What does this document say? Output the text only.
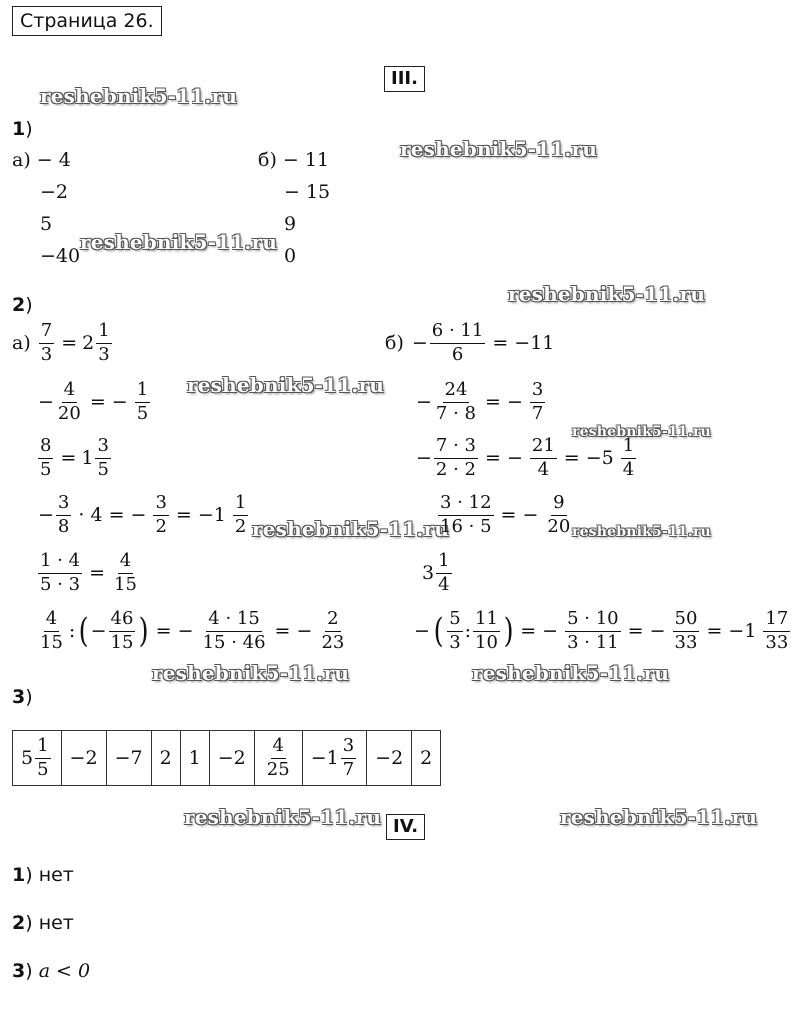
Страница 26.
III.
reshebnik5-11.ru
reshebnik5-11.ru
reshebnik5-11.ru
reshebnik5-11.ru
reshebnik5-11.ru
reshebnik5-11.ru
reshebnik5-11.ru	reshebnik5-11.ru
reshebnik5-11.ru	reshebnik5-11.ru
reshebnik5-11.ru	reshebnik5-11.ru
1)
а) − 4
−2
5
−40
б) − 11
− 15
9
0
2)
$а) \frac{7}{3} = 2 \frac{1}{3}$
− $\frac{4}{20}$ = − $\frac{1}{5}$
$\frac{8}{5} = 1 \frac{3}{5}$
− $\frac{3}{8} \cdot 4$ = − $\frac{3}{2} = -1 \frac{1}{2}$
$\frac{1 \cdot 4}{5 \cdot 3} = \frac{4}{15}$
$\frac{4}{15}$ : ( − $\frac{46}{15}$ ) = − $\frac{4 \cdot 15}{15 \cdot 46}$ = − $\frac{2}{23}$
$б) - \frac{6 \cdot 11}{6} = -11$
− $\frac{24}{7 \cdot 8}$ = − $\frac{3}{7}$
− $\frac{7 \cdot 3}{2 \cdot 2}$ = − $\frac{21}{4} = -5 \frac{1}{4}$
$\frac{3 \cdot 12}{16 \cdot 5}$ = − $\frac{9}{20}$
$3 \frac{1}{4}$
− ( $\frac{5}{3}$ : $\frac{11}{10}$ ) = − $\frac{5 \cdot 10}{3 \cdot 11}$ = − $\frac{50}{33} = -1 \frac{17}{33}$
3)
$5 \frac{1}{5}$	−2	−7	2	1	−2	$\frac{4}{25}$	$-1 \frac{3}{7}$	−2	2
IV.
1) нет
2) нет
3) a < 0
